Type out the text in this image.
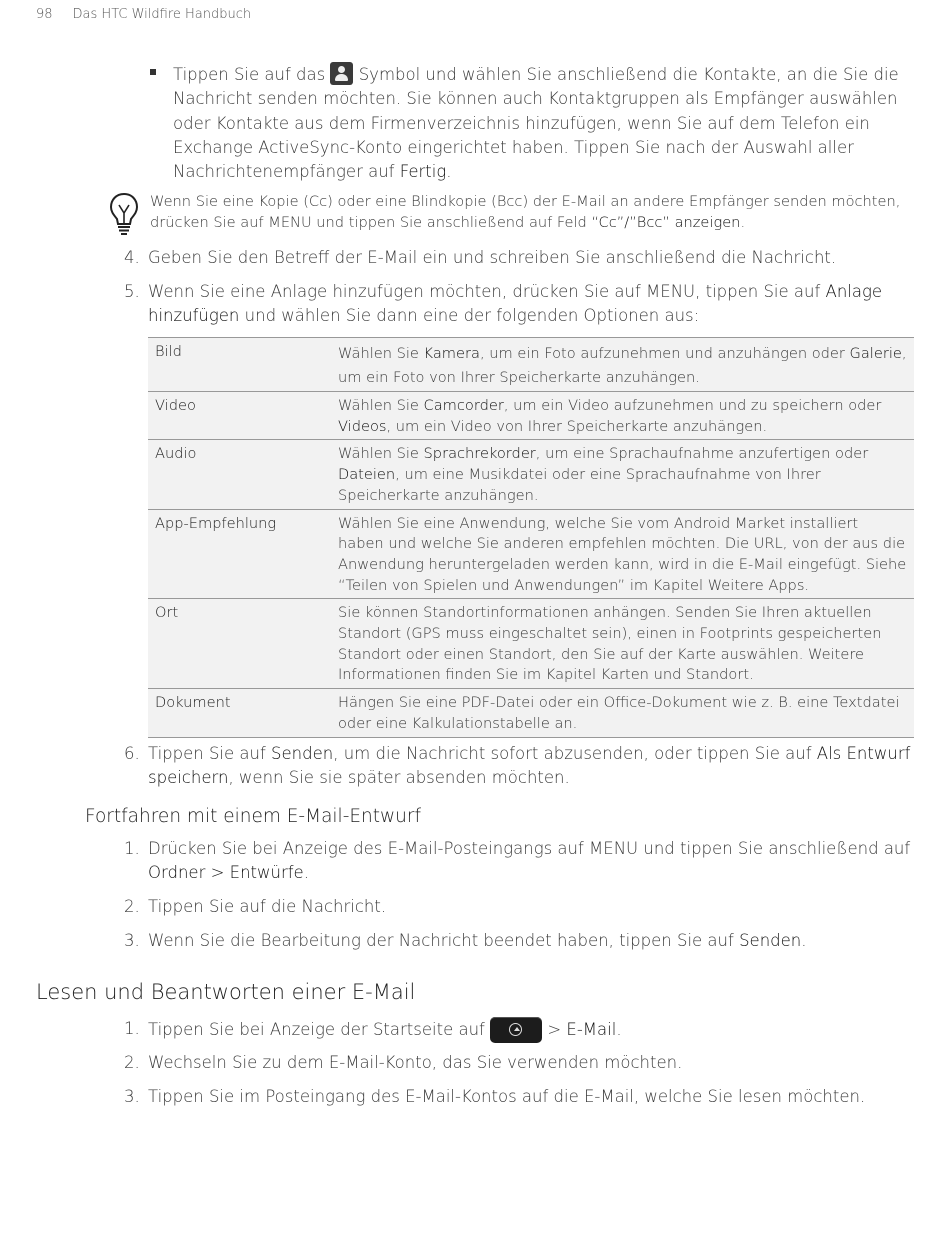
98 Das HTC Wildfire Handbuch
Tippen Sie auf das
Symbol und wählen Sie anschließend die Kontakte, an die Sie die Nachricht senden möchten. Sie können auch Kontaktgruppen als Empfänger auswählen oder Kontakte aus dem Firmenverzeichnis hinzufügen, wenn Sie auf dem Telefon ein Exchange ActiveSync-Konto eingerichtet haben. Tippen Sie nach der Auswahl aller Nachrichtenempfänger auf Fertig.
Wenn Sie eine Kopie (Cc) oder eine Blindkopie (Bcc) der E-Mail an andere Empfänger senden möchten, drücken Sie auf MENU und tippen Sie anschließend auf Feld “Cc”/”Bcc” anzeigen.
4. Geben Sie den Betreff der E-Mail ein und schreiben Sie anschließend die Nachricht.
5. Wenn Sie eine Anlage hinzufügen möchten, drücken Sie auf MENU, tippen Sie auf Anlage hinzufügen und wählen Sie dann eine der folgenden Optionen aus:
Bild	Wählen Sie Kamera, um ein Foto aufzunehmen und anzuhängen oder Galerie, um ein Foto von Ihrer Speicherkarte anzuhängen.
Video	Wählen Sie Camcorder, um ein Video aufzunehmen und zu speichern oder Videos, um ein Video von Ihrer Speicherkarte anzuhängen.
Audio	Wählen Sie Sprachrekorder, um eine Sprachaufnahme anzufertigen oder Dateien, um eine Musikdatei oder eine Sprachaufnahme von Ihrer Speicherkarte anzuhängen.
App-Empfehlung	Wählen Sie eine Anwendung, welche Sie vom Android Market installiert haben und welche Sie anderen empfehlen möchten. Die URL, von der aus die Anwendung heruntergeladen werden kann, wird in die E-Mail eingefügt. Siehe “Teilen von Spielen und Anwendungen” im Kapitel Weitere Apps.
Ort	Sie können Standortinformationen anhängen. Senden Sie Ihren aktuellen Standort (GPS muss eingeschaltet sein), einen in Footprints gespeicherten Standort oder einen Standort, den Sie auf der Karte auswählen. Weitere Informationen finden Sie im Kapitel Karten und Standort.
Dokument	Hängen Sie eine PDF-Datei oder ein Office-Dokument wie z. B. eine Textdatei oder eine Kalkulationstabelle an.
6. Tippen Sie auf Senden, um die Nachricht sofort abzusenden, oder tippen Sie auf Als Entwurf speichern, wenn Sie sie später absenden möchten.
Fortfahren mit einem E-Mail-Entwurf
1. Drücken Sie bei Anzeige des E-Mail-Posteingangs auf MENU und tippen Sie anschließend auf Ordner > Entwürfe.
2. Tippen Sie auf die Nachricht.
3. Wenn Sie die Bearbeitung der Nachricht beendet haben, tippen Sie auf Senden.
Lesen und Beantworten einer E-Mail
1. Tippen Sie bei Anzeige der Startseite auf	> E-Mail.
2. Wechseln Sie zu dem E-Mail-Konto, das Sie verwenden möchten.
3. Tippen Sie im Posteingang des E-Mail-Kontos auf die E-Mail, welche Sie lesen möchten.
